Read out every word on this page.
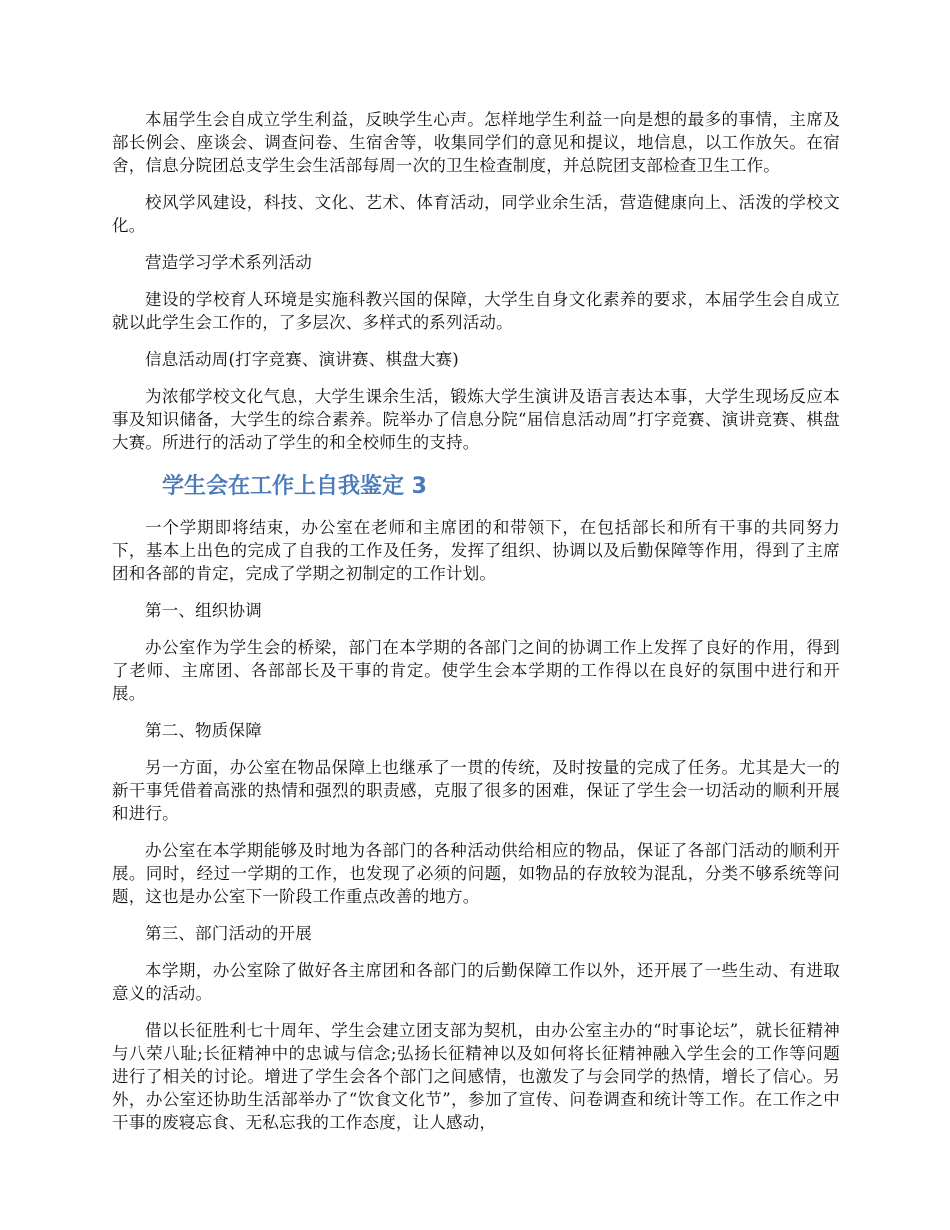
本届学生会自成立学生利益，反映学生心声。怎样地学生利益一向是想的最多的事情，主席及部长例会、座谈会、调查问卷、生宿舍等，收集同学们的意见和提议，地信息，以工作放矢。在宿舍，信息分院团总支学生会生活部每周一次的卫生检查制度，并总院团支部检查卫生工作。

校风学风建设，科技、文化、艺术、体育活动，同学业余生活，营造健康向上、活泼的学校文化。

营造学习学术系列活动

建设的学校育人环境是实施科教兴国的保障，大学生自身文化素养的要求，本届学生会自成立就以此学生会工作的，了多层次、多样式的系列活动。

信息活动周(打字竞赛、演讲赛、棋盘大赛)

为浓郁学校文化气息，大学生课余生活，锻炼大学生演讲及语言表达本事，大学生现场反应本事及知识储备，大学生的综合素养。院举办了信息分院“届信息活动周”打字竞赛、演讲竞赛、棋盘大赛。所进行的活动了学生的和全校师生的支持。

学生会在工作上自我鉴定 3

一个学期即将结束，办公室在老师和主席团的和带领下，在包括部长和所有干事的共同努力下，基本上出色的完成了自我的工作及任务，发挥了组织、协调以及后勤保障等作用，得到了主席团和各部的肯定，完成了学期之初制定的工作计划。

第一、组织协调

办公室作为学生会的桥梁，部门在本学期的各部门之间的协调工作上发挥了良好的作用，得到了老师、主席团、各部部长及干事的肯定。使学生会本学期的工作得以在良好的氛围中进行和开展。

第二、物质保障

另一方面，办公室在物品保障上也继承了一贯的传统，及时按量的完成了任务。尤其是大一的新干事凭借着高涨的热情和强烈的职责感，克服了很多的困难，保证了学生会一切活动的顺利开展和进行。

办公室在本学期能够及时地为各部门的各种活动供给相应的物品，保证了各部门活动的顺利开展。同时，经过一学期的工作，也发现了必须的问题，如物品的存放较为混乱，分类不够系统等问题，这也是办公室下一阶段工作重点改善的地方。

第三、部门活动的开展

本学期，办公室除了做好各主席团和各部门的后勤保障工作以外，还开展了一些生动、有进取意义的活动。

借以长征胜利七十周年、学生会建立团支部为契机，由办公室主办的“时事论坛”，就长征精神与八荣八耻;长征精神中的忠诚与信念;弘扬长征精神以及如何将长征精神融入学生会的工作等问题进行了相关的讨论。增进了学生会各个部门之间感情，也激发了与会同学的热情，增长了信心。另外，办公室还协助生活部举办了“饮食文化节”，参加了宣传、问卷调查和统计等工作。在工作之中干事的废寝忘食、无私忘我的工作态度，让人感动，
